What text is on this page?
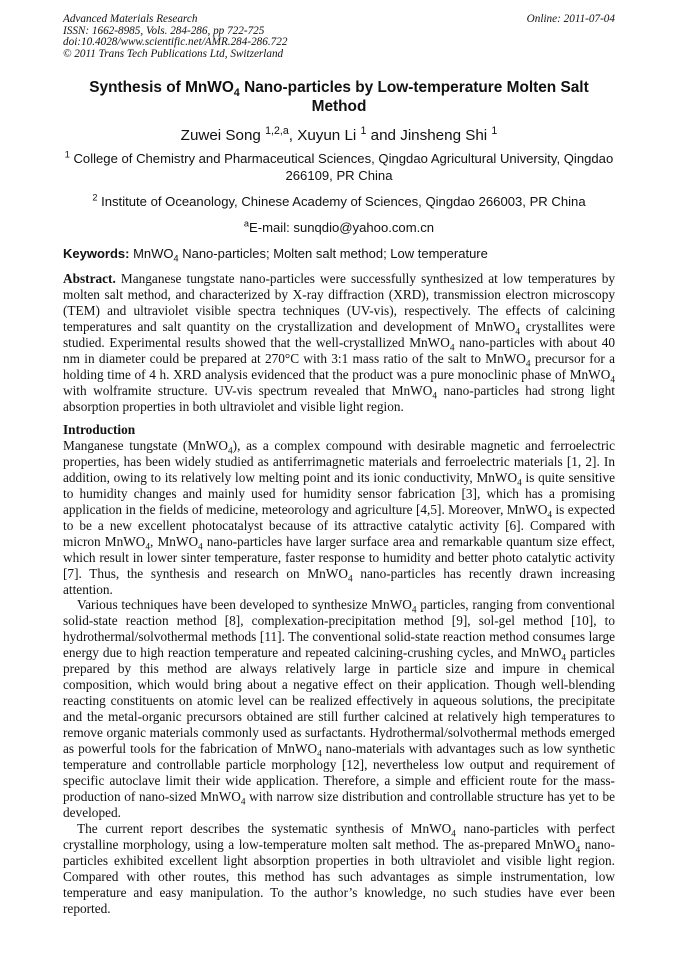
Advanced Materials Research
ISSN: 1662-8985, Vols. 284-286, pp 722-725
doi:10.4028/www.scientific.net/AMR.284-286.722
© 2011 Trans Tech Publications Ltd, Switzerland
Online: 2011-07-04
Synthesis of MnWO$_4$ Nano-particles by Low-temperature Molten Salt Method
Zuwei Song $^{1,2,a}$, Xuyun Li $^1$ and Jinsheng Shi $^1$
$^1$ College of Chemistry and Pharmaceutical Sciences, Qingdao Agricultural University, Qingdao 266109, PR China
$^2$ Institute of Oceanology, Chinese Academy of Sciences, Qingdao 266003, PR China
$^a$E-mail: sunqdio@yahoo.com.cn
Keywords: MnWO$_4$ Nano-particles; Molten salt method; Low temperature
Abstract. Manganese tungstate nano-particles were successfully synthesized at low temperatures by molten salt method, and characterized by X-ray diffraction (XRD), transmission electron microscopy (TEM) and ultraviolet visible spectra techniques (UV-vis), respectively. The effects of calcining temperatures and salt quantity on the crystallization and development of MnWO$_4$ crystallites were studied. Experimental results showed that the well-crystallized MnWO$_4$ nano-particles with about 40 nm in diameter could be prepared at 270°C with 3:1 mass ratio of the salt to MnWO$_4$ precursor for a holding time of 4 h. XRD analysis evidenced that the product was a pure monoclinic phase of MnWO$_4$ with wolframite structure. UV-vis spectrum revealed that MnWO$_4$ nano-particles had strong light absorption properties in both ultraviolet and visible light region.
Introduction
Manganese tungstate (MnWO$_4$), as a complex compound with desirable magnetic and ferroelectric properties, has been widely studied as antiferrimagnetic materials and ferroelectric materials [1, 2]. In addition, owing to its relatively low melting point and its ionic conductivity, MnWO$_4$ is quite sensitive to humidity changes and mainly used for humidity sensor fabrication [3], which has a promising application in the fields of medicine, meteorology and agriculture [4,5]. Moreover, MnWO$_4$ is expected to be a new excellent photocatalyst because of its attractive catalytic activity [6]. Compared with micron MnWO$_4$, MnWO$_4$ nano-particles have larger surface area and remarkable quantum size effect, which result in lower sinter temperature, faster response to humidity and better photo catalytic activity [7]. Thus, the synthesis and research on MnWO$_4$ nano-particles has recently drawn increasing attention.
Various techniques have been developed to synthesize MnWO$_4$ particles, ranging from conventional solid-state reaction method [8], complexation-precipitation method [9], sol-gel method [10], to hydrothermal/solvothermal methods [11]. The conventional solid-state reaction method consumes large energy due to high reaction temperature and repeated calcining-crushing cycles, and MnWO$_4$ particles prepared by this method are always relatively large in particle size and impure in chemical composition, which would bring about a negative effect on their application. Though well-blending reacting constituents on atomic level can be realized effectively in aqueous solutions, the precipitate and the metal-organic precursors obtained are still further calcined at relatively high temperatures to remove organic materials commonly used as surfactants. Hydrothermal/solvothermal methods emerged as powerful tools for the fabrication of MnWO$_4$ nano-materials with advantages such as low synthetic temperature and controllable particle morphology [12], nevertheless low output and requirement of specific autoclave limit their wide application. Therefore, a simple and efficient route for the mass-production of nano-sized MnWO$_4$ with narrow size distribution and controllable structure has yet to be developed.
The current report describes the systematic synthesis of MnWO$_4$ nano-particles with perfect crystalline morphology, using a low-temperature molten salt method. The as-prepared MnWO$_4$ nano-particles exhibited excellent light absorption properties in both ultraviolet and visible light region. Compared with other routes, this method has such advantages as simple instrumentation, low temperature and easy manipulation. To the author’s knowledge, no such studies have ever been reported.
